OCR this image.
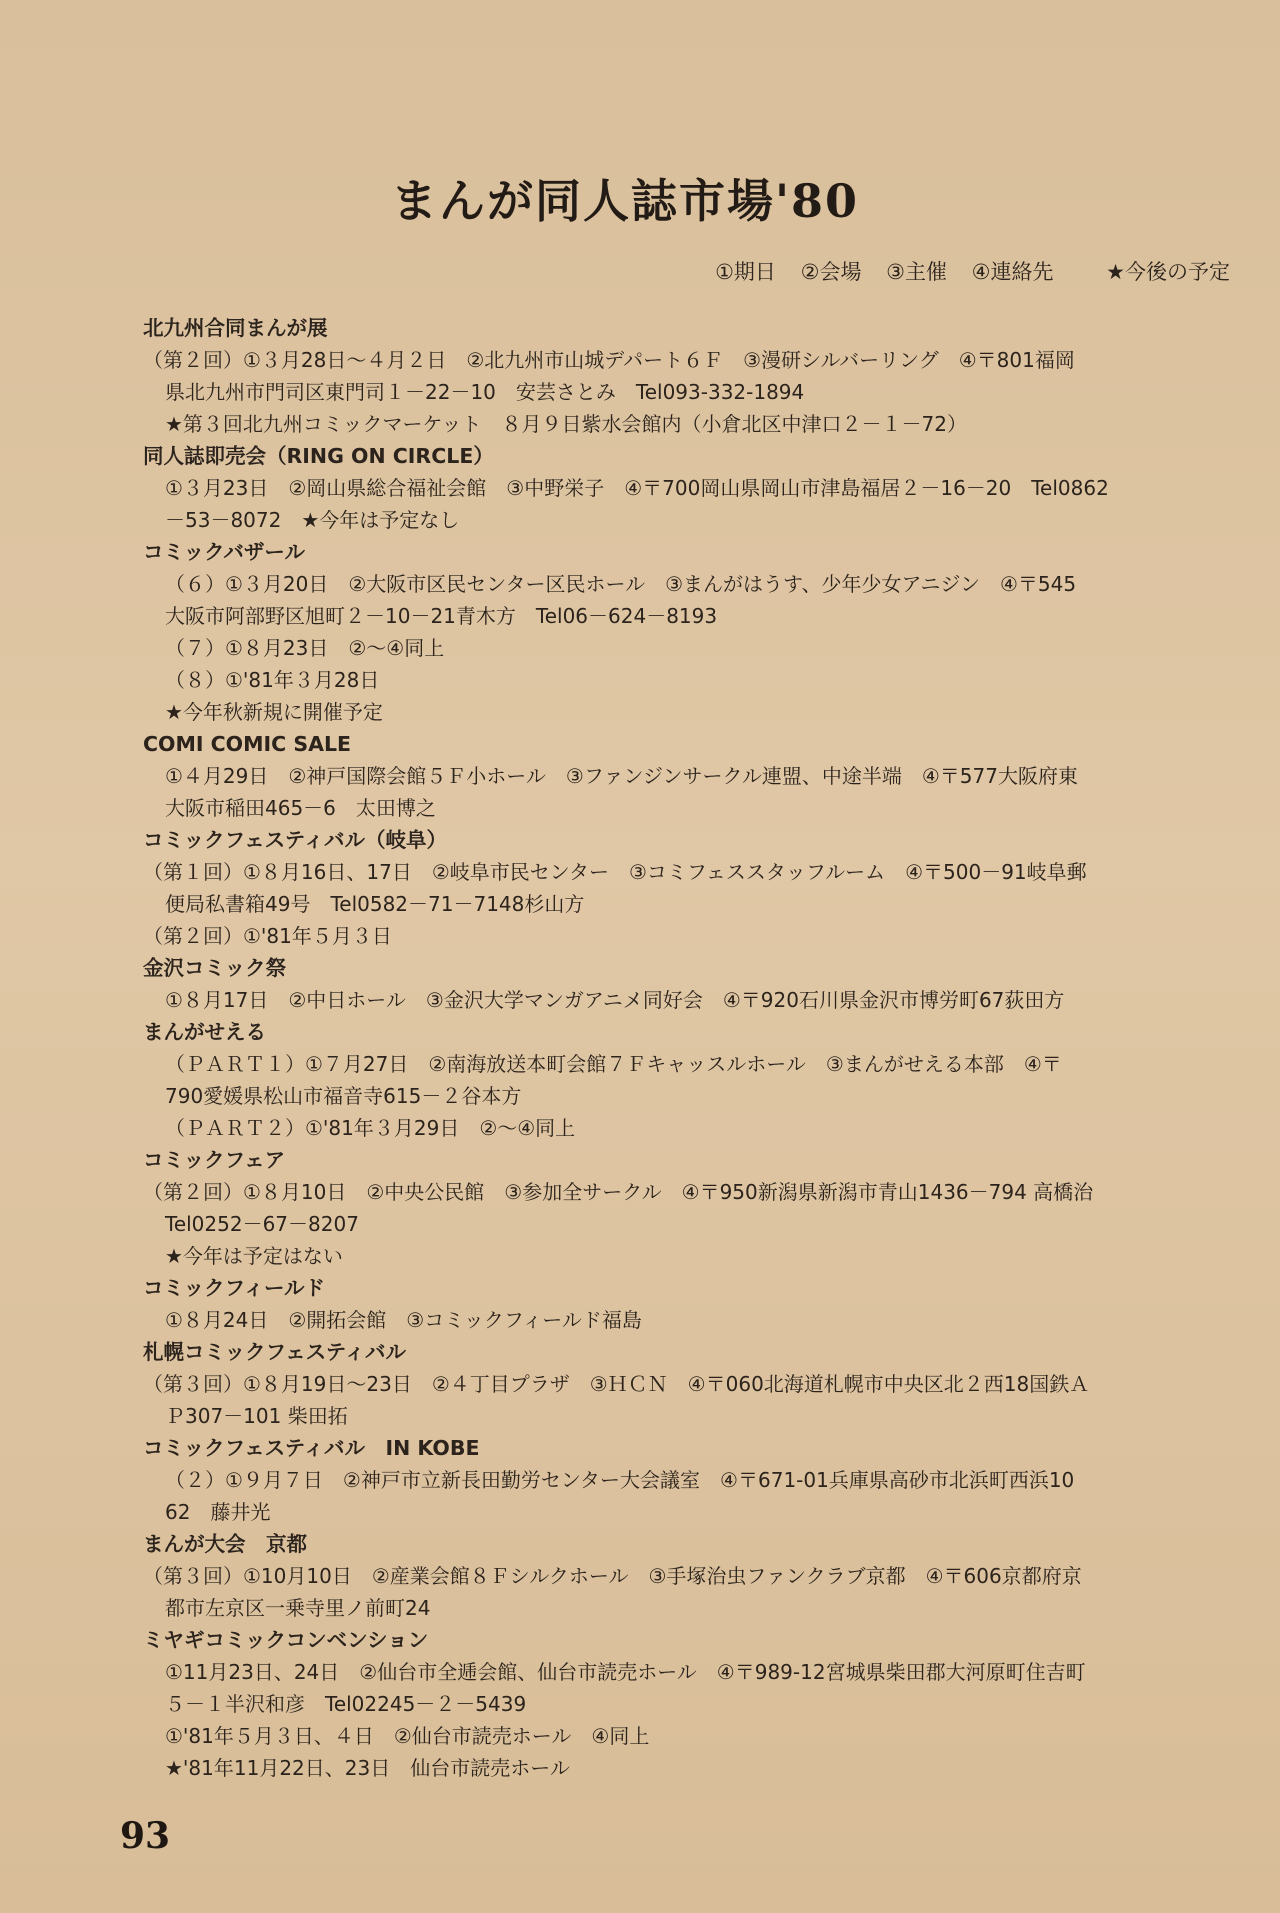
まんが同人誌市場'80
①期日 ②会場 ③主催 ④連絡先	★今後の予定
北九州合同まんが展
（第２回）①３月28日～４月２日　②北九州市山城デパート６Ｆ　③漫研シルバーリング　④〒801福岡
県北九州市門司区東門司１－22－10　安芸さとみ　Tel093-332-1894
★第３回北九州コミックマーケット　８月９日紫水会館内（小倉北区中津口２－１－72）
同人誌即売会（RING ON CIRCLE）
①３月23日　②岡山県総合福祉会館　③中野栄子　④〒700岡山県岡山市津島福居２－16－20　Tel0862
－53－8072　★今年は予定なし
コミックバザール
（６）①３月20日　②大阪市区民センター区民ホール　③まんがはうす、少年少女アニジン　④〒545
大阪市阿部野区旭町２－10－21青木方　Tel06－624－8193
（７）①８月23日　②～④同上
（８）①'81年３月28日
★今年秋新規に開催予定
COMI COMIC SALE
①４月29日　②神戸国際会館５Ｆ小ホール　③ファンジンサークル連盟、中途半端　④〒577大阪府東
大阪市稲田465－6　太田博之
コミックフェスティバル（岐阜）
（第１回）①８月16日、17日　②岐阜市民センター　③コミフェススタッフルーム　④〒500－91岐阜郵
便局私書箱49号　Tel0582－71－7148杉山方
（第２回）①'81年５月３日
金沢コミック祭
①８月17日　②中日ホール　③金沢大学マンガアニメ同好会　④〒920石川県金沢市博労町67荻田方
まんがせえる
（ＰＡＲＴ１）①７月27日　②南海放送本町会館７Ｆキャッスルホール　③まんがせえる本部　④〒
790愛媛県松山市福音寺615－２谷本方
（ＰＡＲＴ２）①'81年３月29日　②～④同上
コミックフェア
（第２回）①８月10日　②中央公民館　③参加全サークル　④〒950新潟県新潟市青山1436－794 高橋治
Tel0252－67－8207
★今年は予定はない
コミックフィールド
①８月24日　②開拓会館　③コミックフィールド福島
札幌コミックフェスティバル
（第３回）①８月19日～23日　②４丁目プラザ　③ＨＣＮ　④〒060北海道札幌市中央区北２西18国鉄Ａ
Ｐ307－101 柴田拓
コミックフェスティバル　IN KOBE
（２）①９月７日　②神戸市立新長田勤労センター大会議室　④〒671-01兵庫県高砂市北浜町西浜10
62　藤井光
まんが大会　京都
（第３回）①10月10日　②産業会館８Ｆシルクホール　③手塚治虫ファンクラブ京都　④〒606京都府京
都市左京区一乗寺里ノ前町24
ミヤギコミックコンベンション
①11月23日、24日　②仙台市全逓会館、仙台市読売ホール　④〒989-12宮城県柴田郡大河原町住吉町
５－１半沢和彦　Tel02245－２－5439
①'81年５月３日、４日　②仙台市読売ホール　④同上
★'81年11月22日、23日　仙台市読売ホール
93
